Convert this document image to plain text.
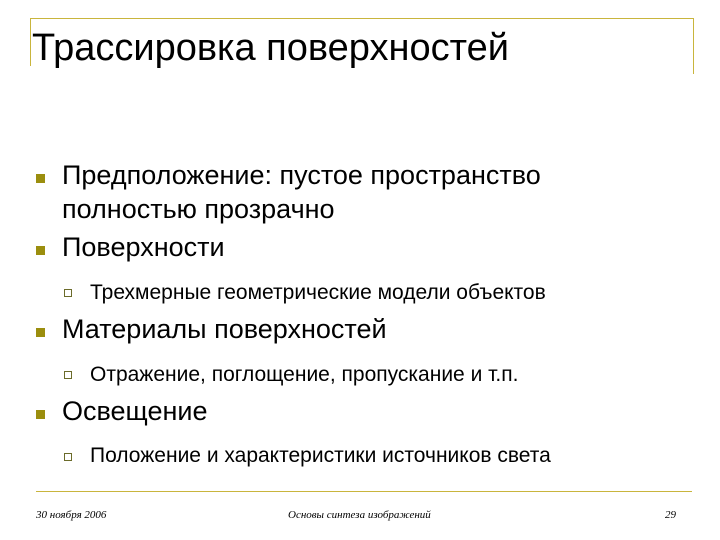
Трассировка поверхностей
Предположение: пустое пространство
полностью прозрачно
Поверхности
Трехмерные геометрические модели объектов
Материалы поверхностей
Отражение, поглощение, пропускание и т.п.
Освещение
Положение и характеристики источников света
30 ноября 2006	Основы синтеза изображений	29
